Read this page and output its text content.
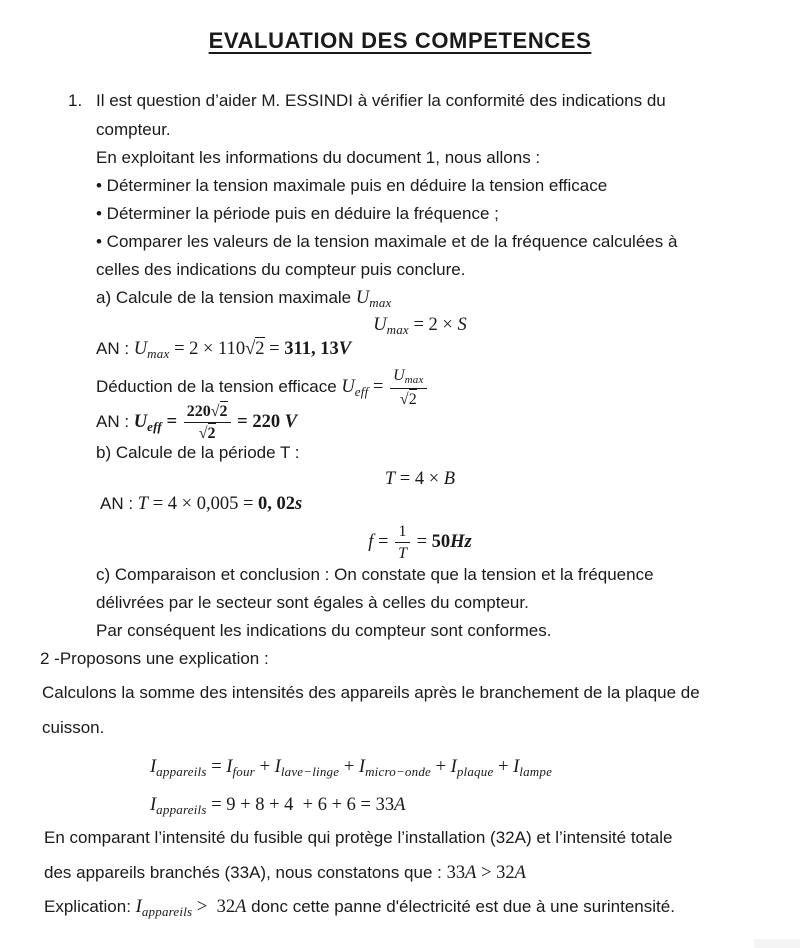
EVALUATION DES COMPETENCES
1. Il est question d’aider M. ESSINDI à vérifier la conformité des indications du
compteur.
En exploitant les informations du document 1, nous allons :
• Déterminer la tension maximale puis en déduire la tension efficace
• Déterminer la période puis en déduire la fréquence ;
• Comparer les valeurs de la tension maximale et de la fréquence calculées à
celles des indications du compteur puis conclure.
a) Calcule de la tension maximale $U_{max}$
$U_{max} = 2 \times S$
AN : $U_{max} = 2 \times 110√2 = 311$, 13V
Déduction de la tension efficace $U_{eff} = \frac{U_{max}}{√2}$
AN : $U_{eff} = \frac{220√2}{√2} = 220$ V
b) Calcule de la période T :
T = 4 × B
AN : T = 4 × 0,005 = 0, 02s
$f = \frac{1}{T} = 50Hz$
c) Comparaison et conclusion : On constate que la tension et la fréquence
délivrées par le secteur sont égales à celles du compteur.
Par conséquent les indications du compteur sont conformes.
2 -Proposons une explication :
Calculons la somme des intensités des appareils après le branchement de la plaque de
cuisson.
$I_{appareils} = I_{four} + I_{lave-linge} + I_{micro-onde} + I_{plaque} + I_{lampe}$
$I_{appareils} = 9 + 8 + 4 + 6 + 6 = 33A$
En comparant l’intensité du fusible qui protège l’installation (32A) et l’intensité totale
des appareils branchés (33A), nous constatons que : 33A > 32A
Explication: $I_{appareils} > 32A$ donc cette panne d'électricité est due à une surintensité.
